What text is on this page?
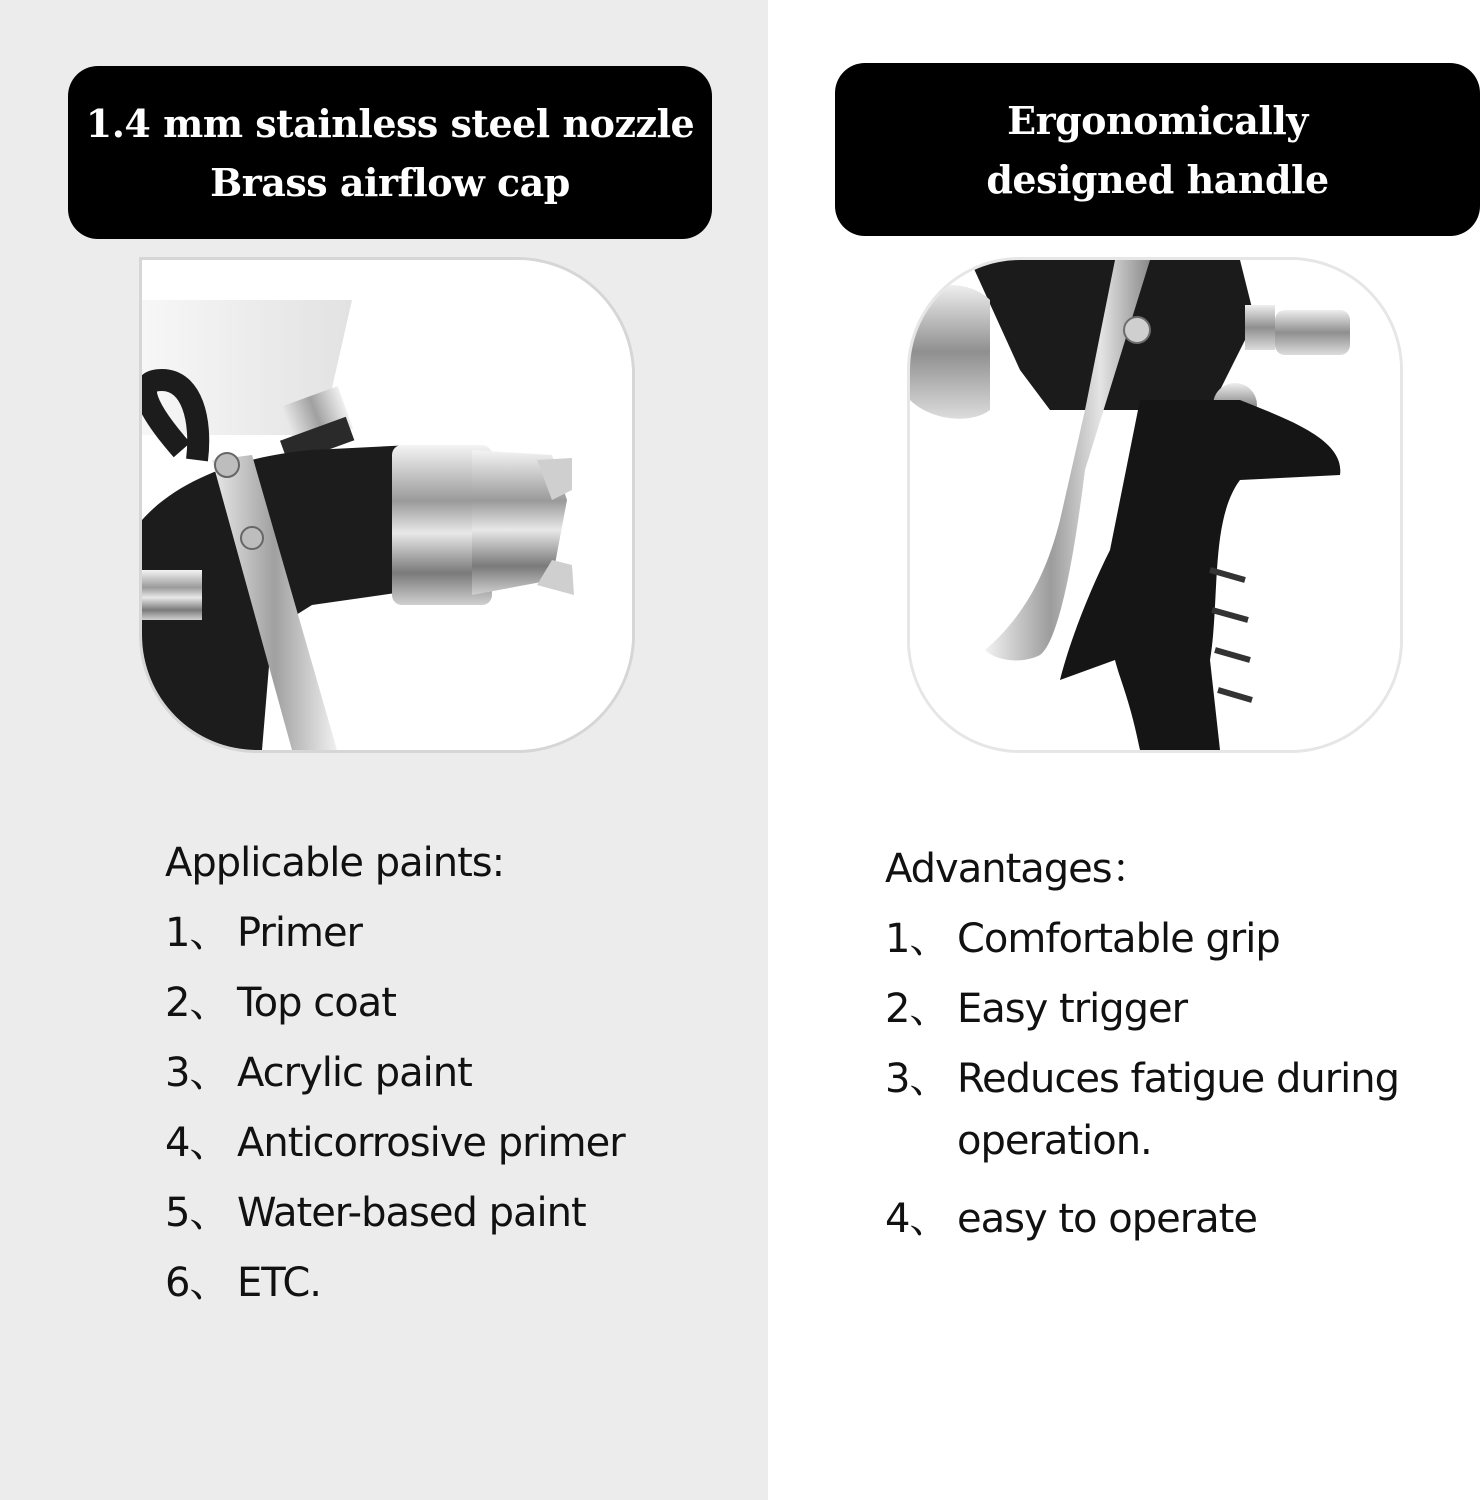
1.4 mm stainless steel nozzle
Brass airflow cap
Ergonomically
designed handle
Applicable paints:
1、 Primer
2、 Top coat
3、 Acrylic paint
4、 Anticorrosive primer
5、 Water-based paint
6、 ETC.
Advantages：
1、 Comfortable grip
2、 Easy trigger
3、 Reduces fatigue during operation.
4、 easy to operate
